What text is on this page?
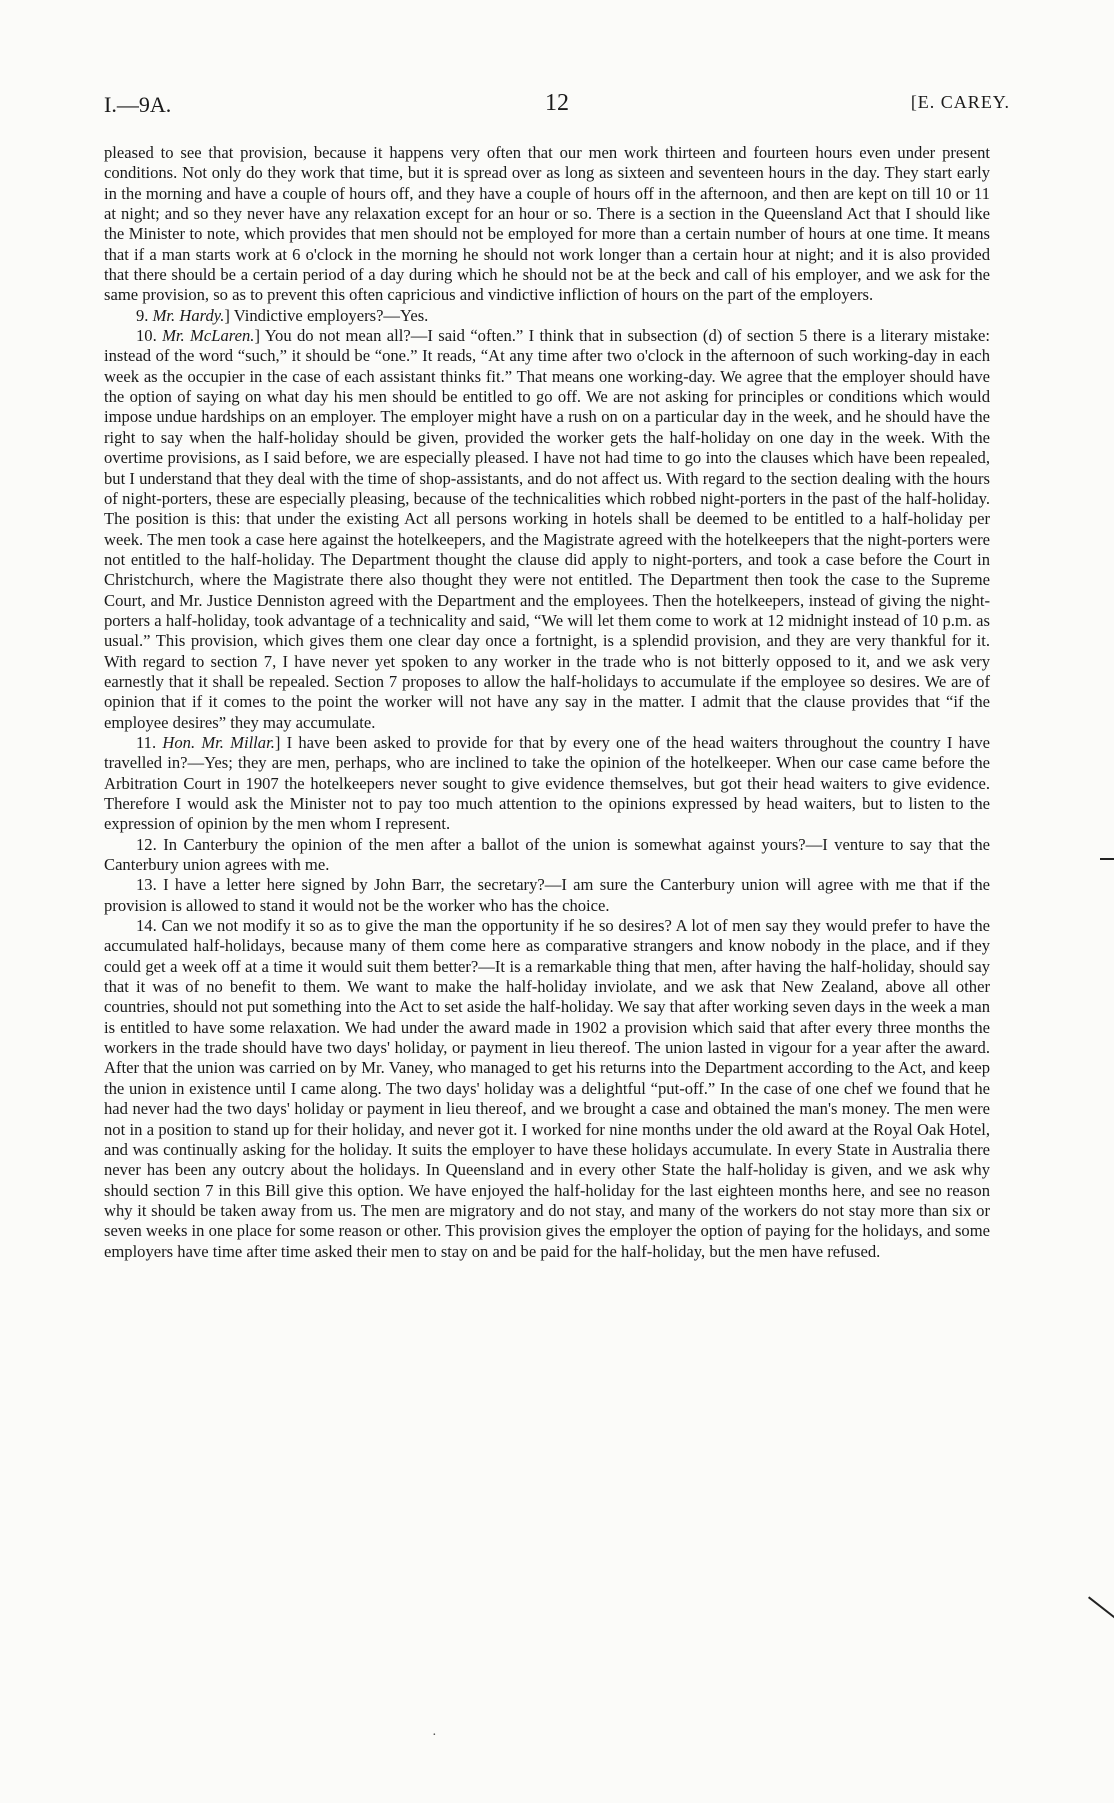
I.—9A.	12	[E. CAREY.

pleased to see that provision, because it happens very often that our men work thirteen and fourteen hours even under present conditions. Not only do they work that time, but it is spread over as long as sixteen and seventeen hours in the day. They start early in the morning and have a couple of hours off, and they have a couple of hours off in the afternoon, and then are kept on till 10 or 11 at night; and so they never have any relaxation except for an hour or so. There is a section in the Queensland Act that I should like the Minister to note, which provides that men should not be employed for more than a certain number of hours at one time. It means that if a man starts work at 6 o'clock in the morning he should not work longer than a certain hour at night; and it is also provided that there should be a certain period of a day during which he should not be at the beck and call of his employer, and we ask for the same provision, so as to prevent this often capricious and vindictive infliction of hours on the part of the employers.

9. Mr. Hardy.] Vindictive employers?—Yes.

10. Mr. McLaren.] You do not mean all?—I said “often.” I think that in subsection (d) of section 5 there is a literary mistake: instead of the word “such,” it should be “one.” It reads, “At any time after two o'clock in the afternoon of such working-day in each week as the occupier in the case of each assistant thinks fit.” That means one working-day. We agree that the employer should have the option of saying on what day his men should be entitled to go off. We are not asking for principles or conditions which would impose undue hardships on an employer. The employer might have a rush on on a particular day in the week, and he should have the right to say when the half-holiday should be given, provided the worker gets the half-holiday on one day in the week. With the overtime provisions, as I said before, we are especially pleased. I have not had time to go into the clauses which have been repealed, but I understand that they deal with the time of shop-assistants, and do not affect us. With regard to the section dealing with the hours of night-porters, these are especially pleasing, because of the technicalities which robbed night-porters in the past of the half-holiday. The position is this: that under the existing Act all persons working in hotels shall be deemed to be entitled to a half-holiday per week. The men took a case here against the hotelkeepers, and the Magistrate agreed with the hotelkeepers that the night-porters were not entitled to the half-holiday. The Department thought the clause did apply to night-porters, and took a case before the Court in Christchurch, where the Magistrate there also thought they were not entitled. The Department then took the case to the Supreme Court, and Mr. Justice Denniston agreed with the Department and the employees. Then the hotelkeepers, instead of giving the night-porters a half-holiday, took advantage of a technicality and said, “We will let them come to work at 12 midnight instead of 10 p.m. as usual.” This provision, which gives them one clear day once a fortnight, is a splendid provision, and they are very thankful for it. With regard to section 7, I have never yet spoken to any worker in the trade who is not bitterly opposed to it, and we ask very earnestly that it shall be repealed. Section 7 proposes to allow the half-holidays to accumulate if the employee so desires. We are of opinion that if it comes to the point the worker will not have any say in the matter. I admit that the clause provides that “if the employee desires” they may accumulate.

11. Hon. Mr. Millar.] I have been asked to provide for that by every one of the head waiters throughout the country I have travelled in?—Yes; they are men, perhaps, who are inclined to take the opinion of the hotelkeeper. When our case came before the Arbitration Court in 1907 the hotelkeepers never sought to give evidence themselves, but got their head waiters to give evidence. Therefore I would ask the Minister not to pay too much attention to the opinions expressed by head waiters, but to listen to the expression of opinion by the men whom I represent.

12. In Canterbury the opinion of the men after a ballot of the union is somewhat against yours?—I venture to say that the Canterbury union agrees with me.

13. I have a letter here signed by John Barr, the secretary?—I am sure the Canterbury union will agree with me that if the provision is allowed to stand it would not be the worker who has the choice.

14. Can we not modify it so as to give the man the opportunity if he so desires? A lot of men say they would prefer to have the accumulated half-holidays, because many of them come here as comparative strangers and know nobody in the place, and if they could get a week off at a time it would suit them better?—It is a remarkable thing that men, after having the half-holiday, should say that it was of no benefit to them. We want to make the half-holiday inviolate, and we ask that New Zealand, above all other countries, should not put something into the Act to set aside the half-holiday. We say that after working seven days in the week a man is entitled to have some relaxation. We had under the award made in 1902 a provision which said that after every three months the workers in the trade should have two days' holiday, or payment in lieu thereof. The union lasted in vigour for a year after the award. After that the union was carried on by Mr. Vaney, who managed to get his returns into the Department according to the Act, and keep the union in existence until I came along. The two days' holiday was a delightful “put-off.” In the case of one chef we found that he had never had the two days' holiday or payment in lieu thereof, and we brought a case and obtained the man's money. The men were not in a position to stand up for their holiday, and never got it. I worked for nine months under the old award at the Royal Oak Hotel, and was continually asking for the holiday. It suits the employer to have these holidays accumulate. In every State in Australia there never has been any outcry about the holidays. In Queensland and in every other State the half-holiday is given, and we ask why should section 7 in this Bill give this option. We have enjoyed the half-holiday for the last eighteen months here, and see no reason why it should be taken away from us. The men are migratory and do not stay, and many of the workers do not stay more than six or seven weeks in one place for some reason or other. This provision gives the employer the option of paying for the holidays, and some employers have time after time asked their men to stay on and be paid for the half-holiday, but the men have refused.

·
